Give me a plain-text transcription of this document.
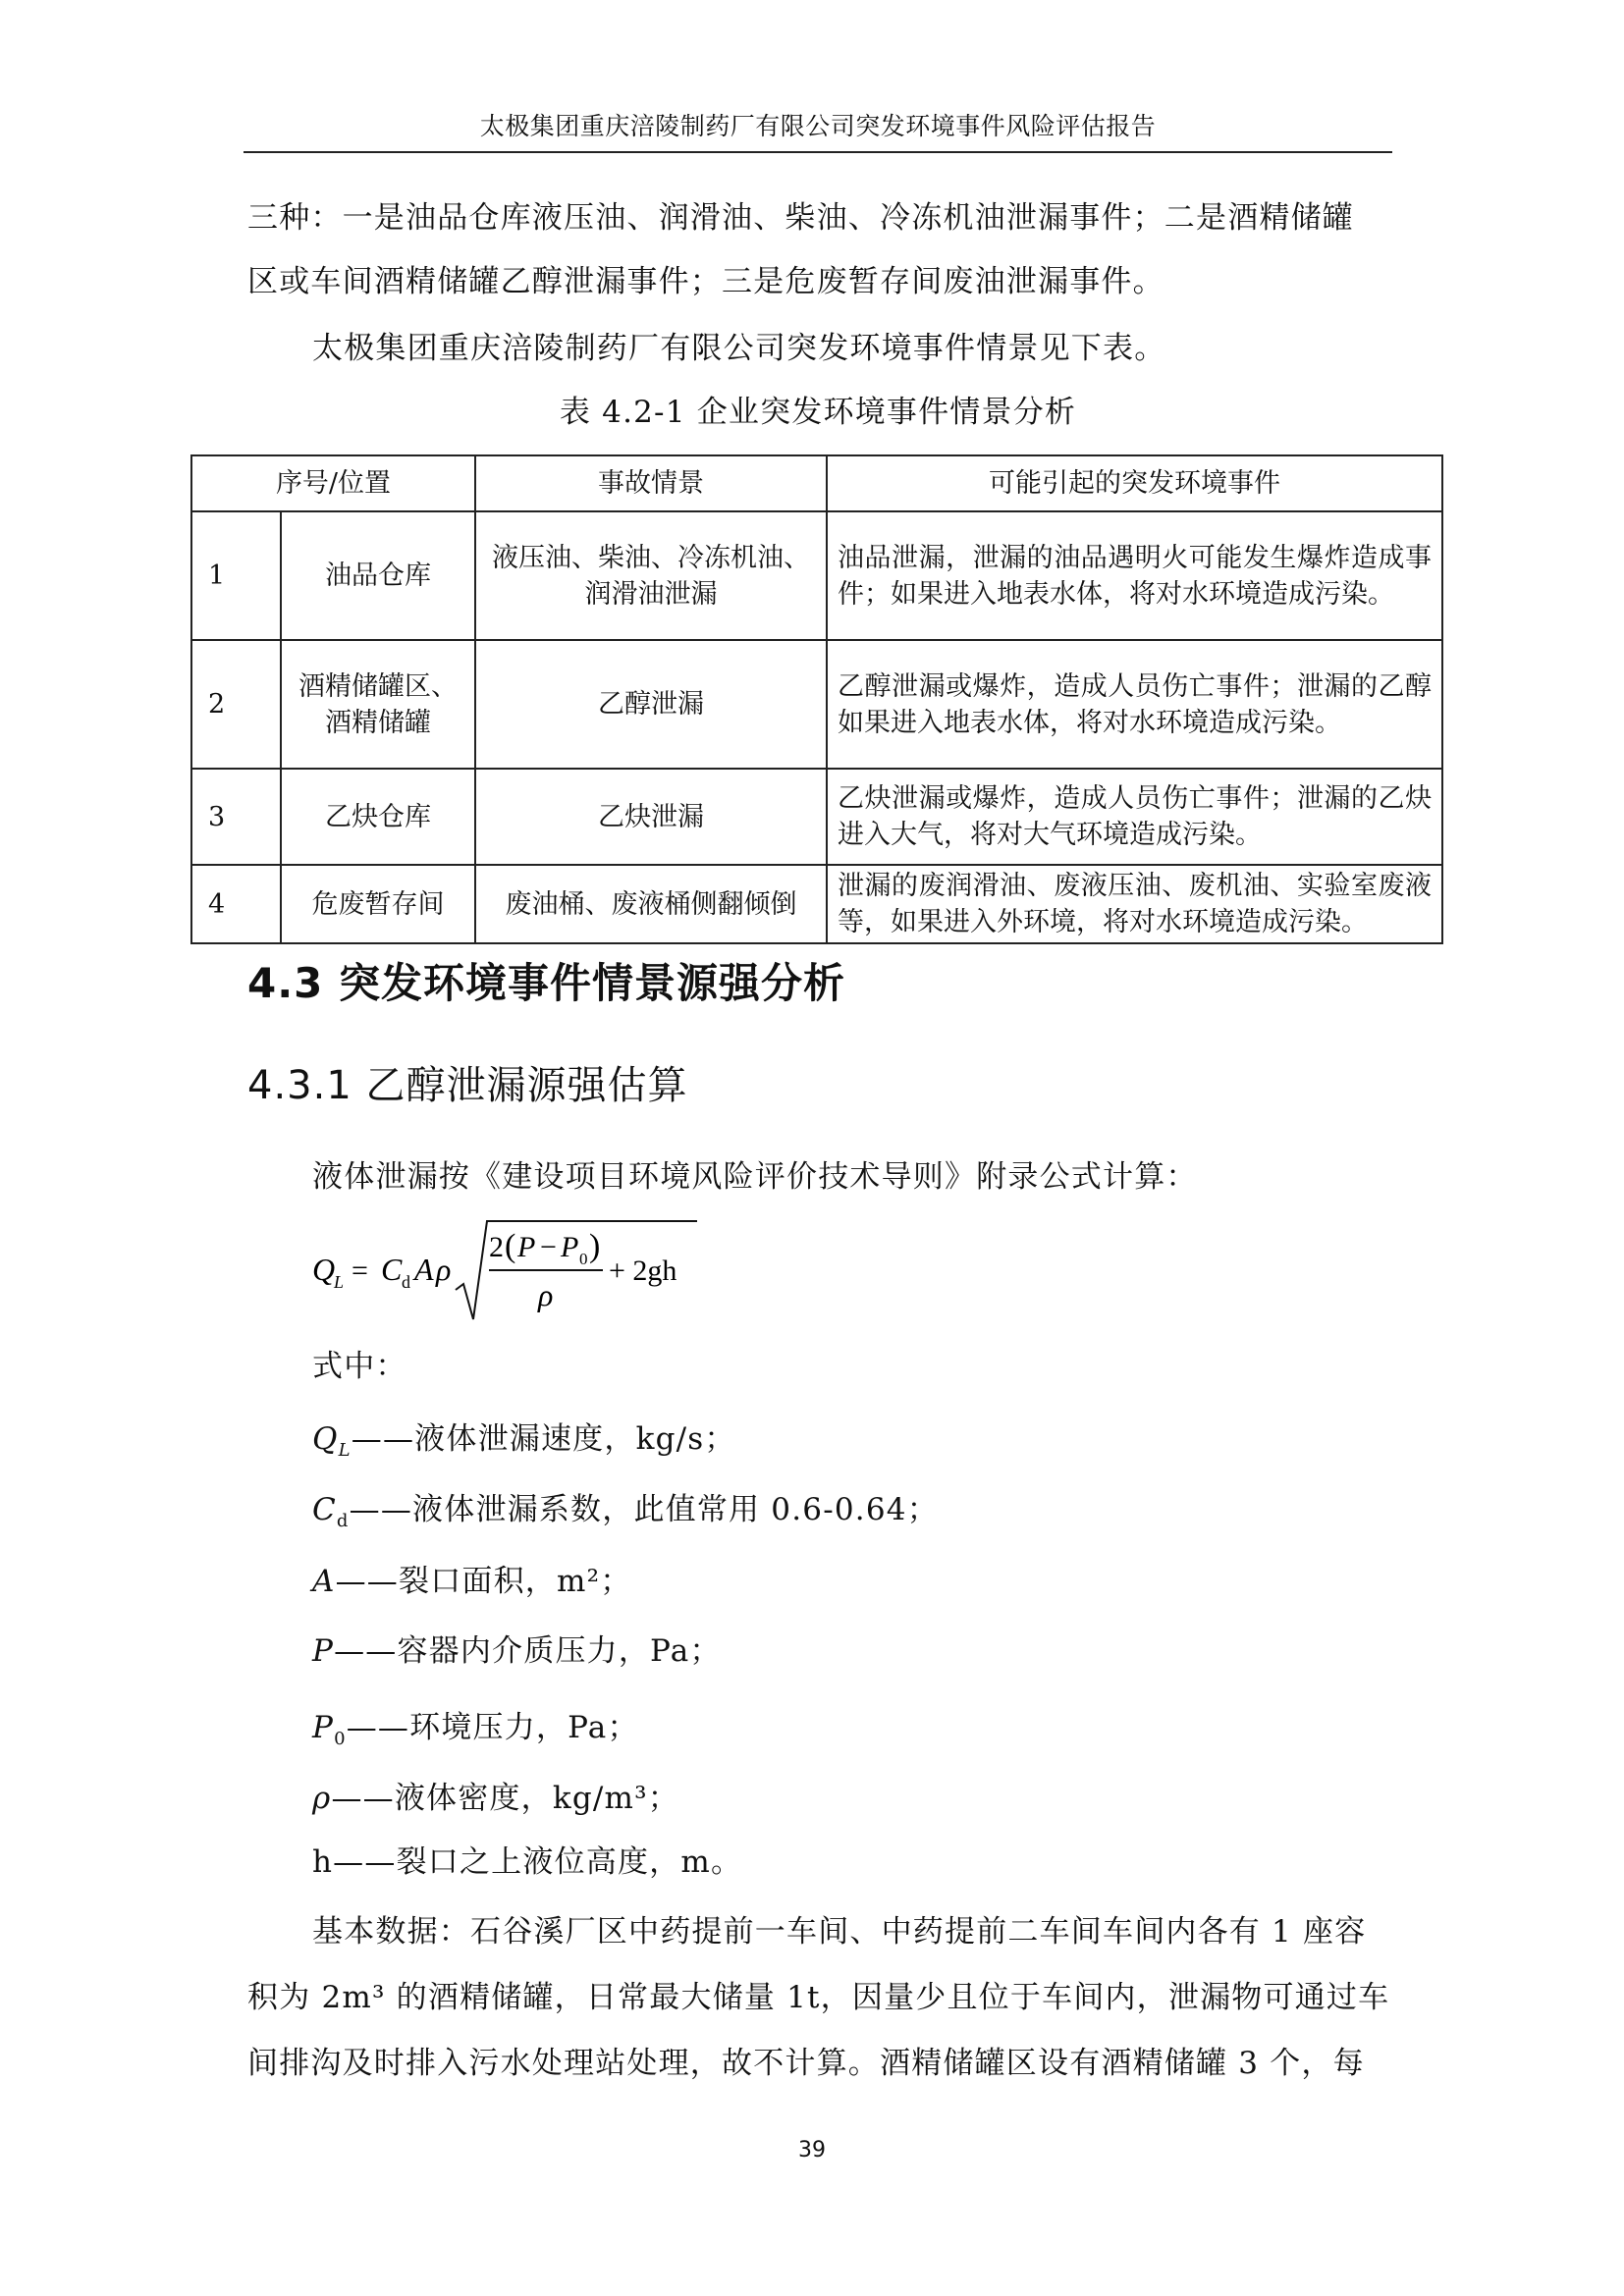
太极集团重庆涪陵制药厂有限公司突发环境事件风险评估报告
三种：一是油品仓库液压油、润滑油、柴油、冷冻机油泄漏事件；二是酒精储罐
区或车间酒精储罐乙醇泄漏事件；三是危废暂存间废油泄漏事件。
太极集团重庆涪陵制药厂有限公司突发环境事件情景见下表。
表 4.2-1 企业突发环境事件情景分析
序号/位置		事故情景	可能引起的突发环境事件
1	油品仓库	液压油、柴油、冷冻机油、润滑油泄漏	油品泄漏，泄漏的油品遇明火可能发生爆炸造成事件；如果进入地表水体，将对水环境造成污染。
2	酒精储罐区、酒精储罐	乙醇泄漏	乙醇泄漏或爆炸，造成人员伤亡事件；泄漏的乙醇如果进入地表水体，将对水环境造成污染。
3	乙炔仓库	乙炔泄漏	乙炔泄漏或爆炸，造成人员伤亡事件；泄漏的乙炔进入大气，将对大气环境造成污染。
4	危废暂存间	废油桶、废液桶侧翻倾倒	泄漏的废润滑油、废液压油、废机油、实验室废液等，如果进入外环境，将对水环境造成污染。
4.3 突发环境事件情景源强分析
4.3.1 乙醇泄漏源强估算
液体泄漏按《建设项目环境风险评价技术导则》附录公式计算：
Q
L = C d A ρ
2 ( P − P 0 )
ρ
+ 2gh
式中：
$Q_L——$液体泄漏速度，kg/s；
$C_d——$液体泄漏系数，此值常用 0.6-0.64；
A——裂口面积，m²；
P——容器内介质压力，Pa；
$P_0——$环境压力，Pa；
ρ——液体密度，kg/m³；
h——裂口之上液位高度，m。
基本数据：石谷溪厂区中药提前一车间、中药提前二车间车间内各有 1 座容
积为 2m³ 的酒精储罐，日常最大储量 1t，因量少且位于车间内，泄漏物可通过车
间排沟及时排入污水处理站处理，故不计算。酒精储罐区设有酒精储罐 3 个，每
39
